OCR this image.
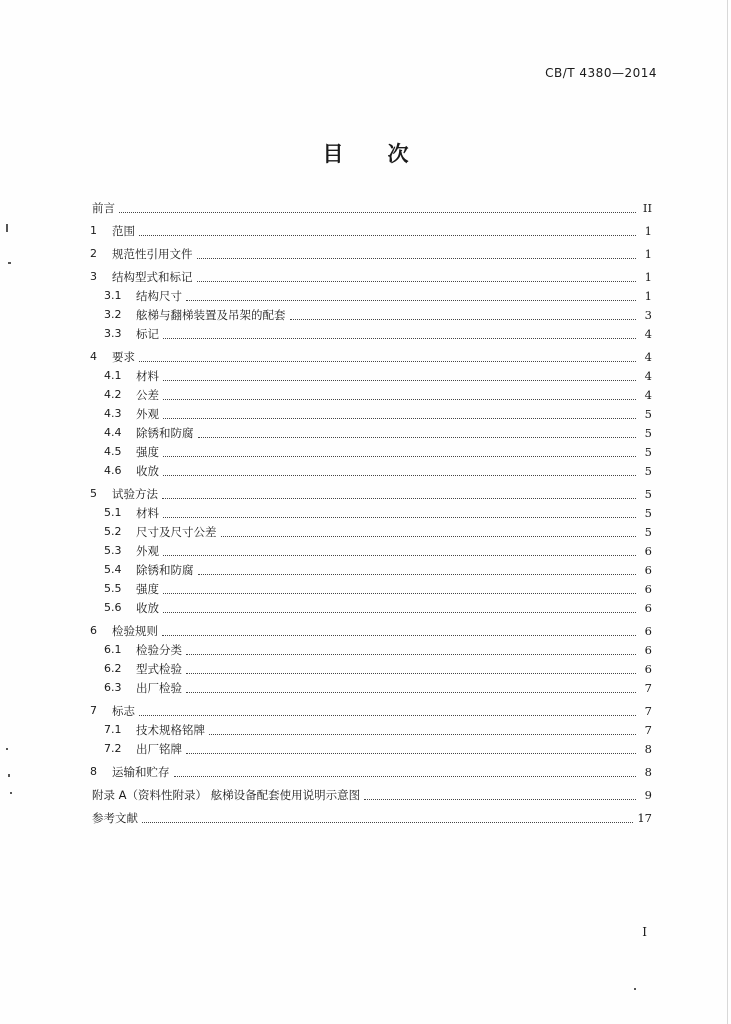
CB/T 4380—2014
目次
前言	II
1	范围	1
2	规范性引用文件	1
3	结构型式和标记	1
3.1	结构尺寸	1
3.2	舷梯与翻梯装置及吊架的配套	3
3.3	标记	4
4	要求	4
4.1	材料	4
4.2	公差	4
4.3	外观	5
4.4	除锈和防腐	5
4.5	强度	5
4.6	收放	5
5	试验方法	5
5.1	材料	5
5.2	尺寸及尺寸公差	5
5.3	外观	6
5.4	除锈和防腐	6
5.5	强度	6
5.6	收放	6
6	检验规则	6
6.1	检验分类	6
6.2	型式检验	6
6.3	出厂检验	7
7	标志	7
7.1	技术规格铭牌	7
7.2	出厂铭牌	8
8	运输和贮存	8
附录 A（资料性附录） 舷梯设备配套使用说明示意图	9
参考文献	17
I
